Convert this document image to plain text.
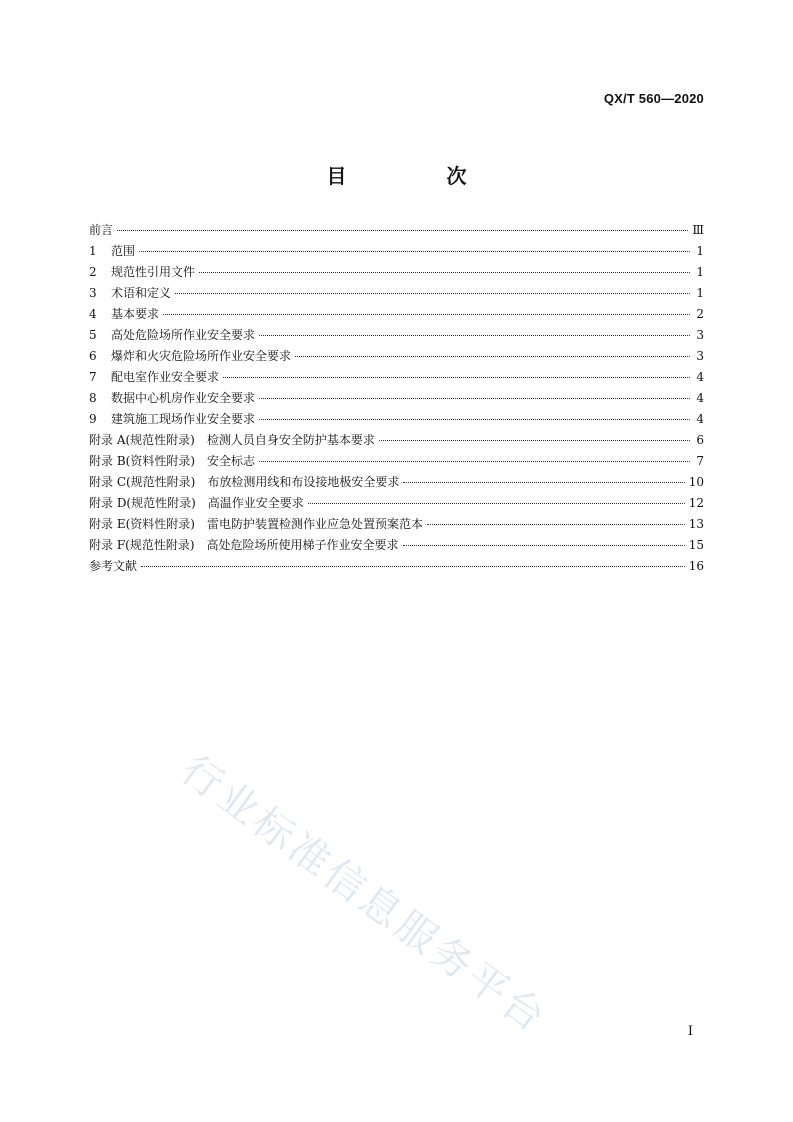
QX/T 560—2020
目　次
前言	Ⅲ
1	范围	1
2	规范性引用文件	1
3	术语和定义	1
4	基本要求	2
5	高处危险场所作业安全要求	3
6	爆炸和火灾危险场所作业安全要求	3
7	配电室作业安全要求	4
8	数据中心机房作业安全要求	4
9	建筑施工现场作业安全要求	4
附录 A(规范性附录)　检测人员自身安全防护基本要求	6
附录 B(资料性附录)　安全标志	7
附录 C(规范性附录)　布放检测用线和布设接地极安全要求	10
附录 D(规范性附录)　高温作业安全要求	12
附录 E(资料性附录)　雷电防护装置检测作业应急处置预案范本	13
附录 F(规范性附录)　高处危险场所使用梯子作业安全要求	15
参考文献	16
行业标准信息服务平台	I
